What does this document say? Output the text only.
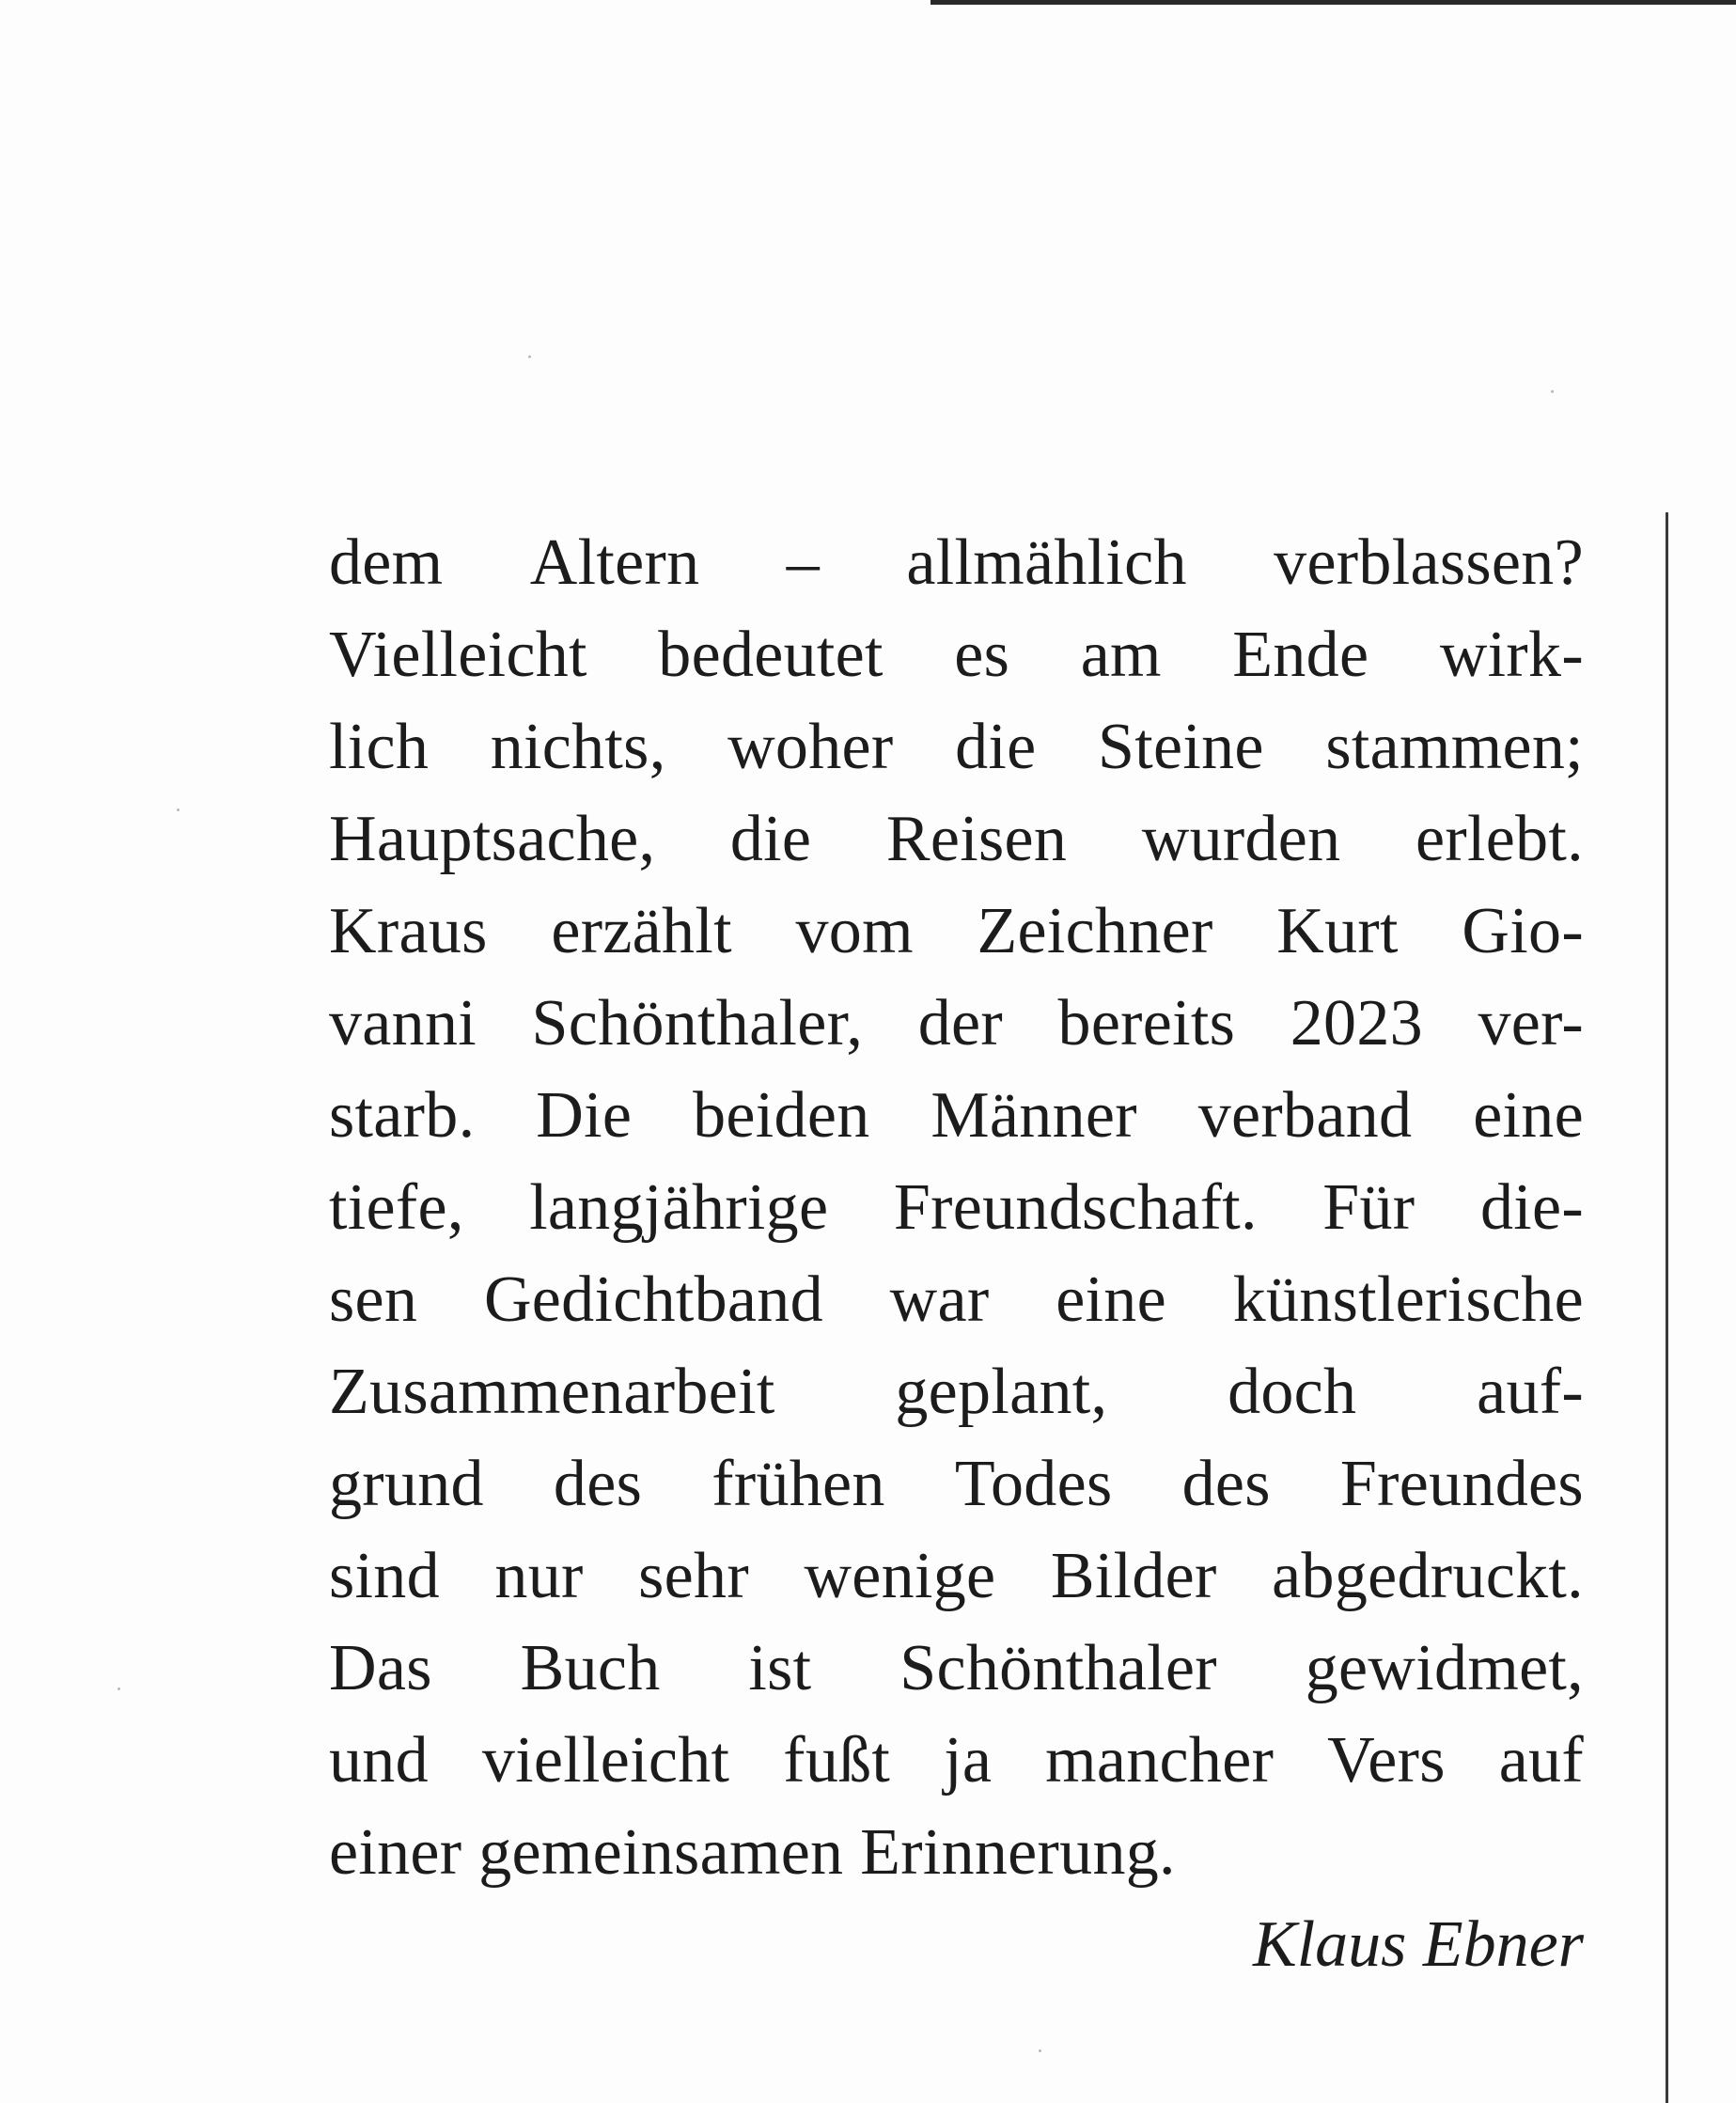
dem Altern – allmählich verblassen?
Vielleicht bedeutet es am Ende wirk-
lich nichts, woher die Steine stammen;
Hauptsache, die Reisen wurden erlebt.
Kraus erzählt vom Zeichner Kurt Gio-
vanni Schönthaler, der bereits 2023 ver-
starb. Die beiden Männer verband eine
tiefe, langjährige Freundschaft. Für die-
sen Gedichtband war eine künstlerische
Zusammenarbeit geplant, doch auf-
grund des frühen Todes des Freundes
sind nur sehr wenige Bilder abgedruckt.
Das Buch ist Schönthaler gewidmet,
und vielleicht fußt ja mancher Vers auf
einer gemeinsamen Erinnerung.
Klaus Ebner
